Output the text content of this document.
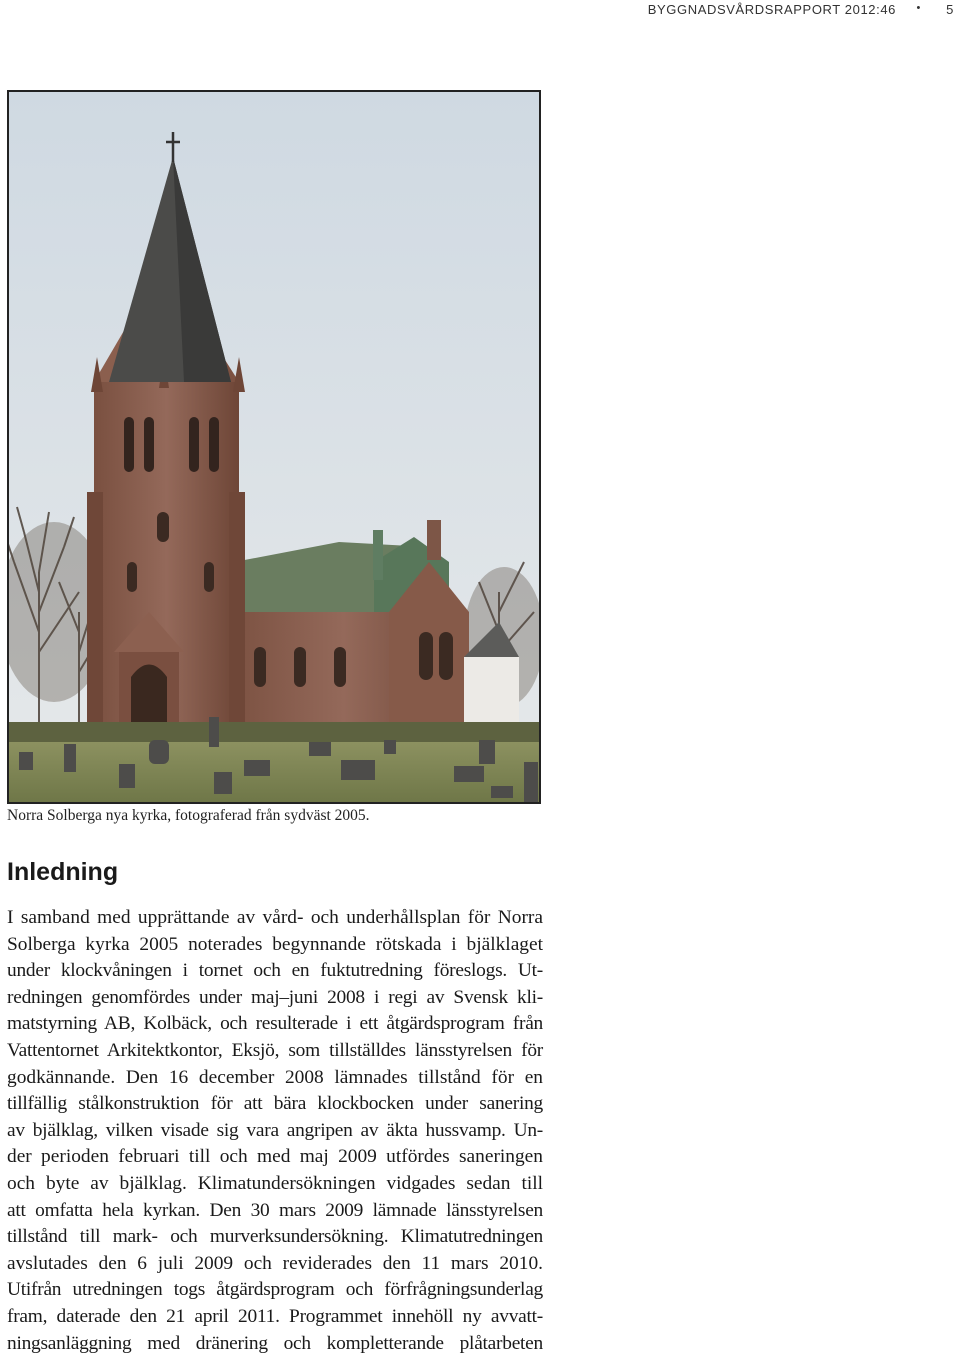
BYGGNADSVÅRDSRAPPORT 2012:46 • 5
Norra Solberga nya kyrka, fotograferad från sydväst 2005.
Inledning

I samband med upprättande av vård- och underhållsplan för Norra
Solberga kyrka 2005 noterades begynnande rötskada i bjälklaget
under klockvåningen i tornet och en fuktutredning föreslogs. Ut-
redningen genomfördes under maj–juni 2008 i regi av Svensk kli-
matstyrning AB, Kolbäck, och resulterade i ett åtgärdsprogram från
Vattentornet Arkitektkontor, Eksjö, som tillställdes länsstyrelsen för
godkännande. Den 16 december 2008 lämnades tillstånd för en
tillfällig stålkonstruktion för att bära klockbocken under sanering
av bjälklag, vilken visade sig vara angripen av äkta hussvamp. Un-
der perioden februari till och med maj 2009 utfördes saneringen
och byte av bjälklag. Klimatundersökningen vidgades sedan till
att omfatta hela kyrkan. Den 30 mars 2009 lämnade länsstyrelsen
tillstånd till mark- och murverksundersökning. Klimatutredningen
avslutades den 6 juli 2009 och reviderades den 11 mars 2010.
Utifrån utredningen togs åtgärdsprogram och förfrågningsunderlag
fram, daterade den 21 april 2011. Programmet innehöll ny avvatt-
ningsanläggning med dränering och kompletterande plåtarbeten
